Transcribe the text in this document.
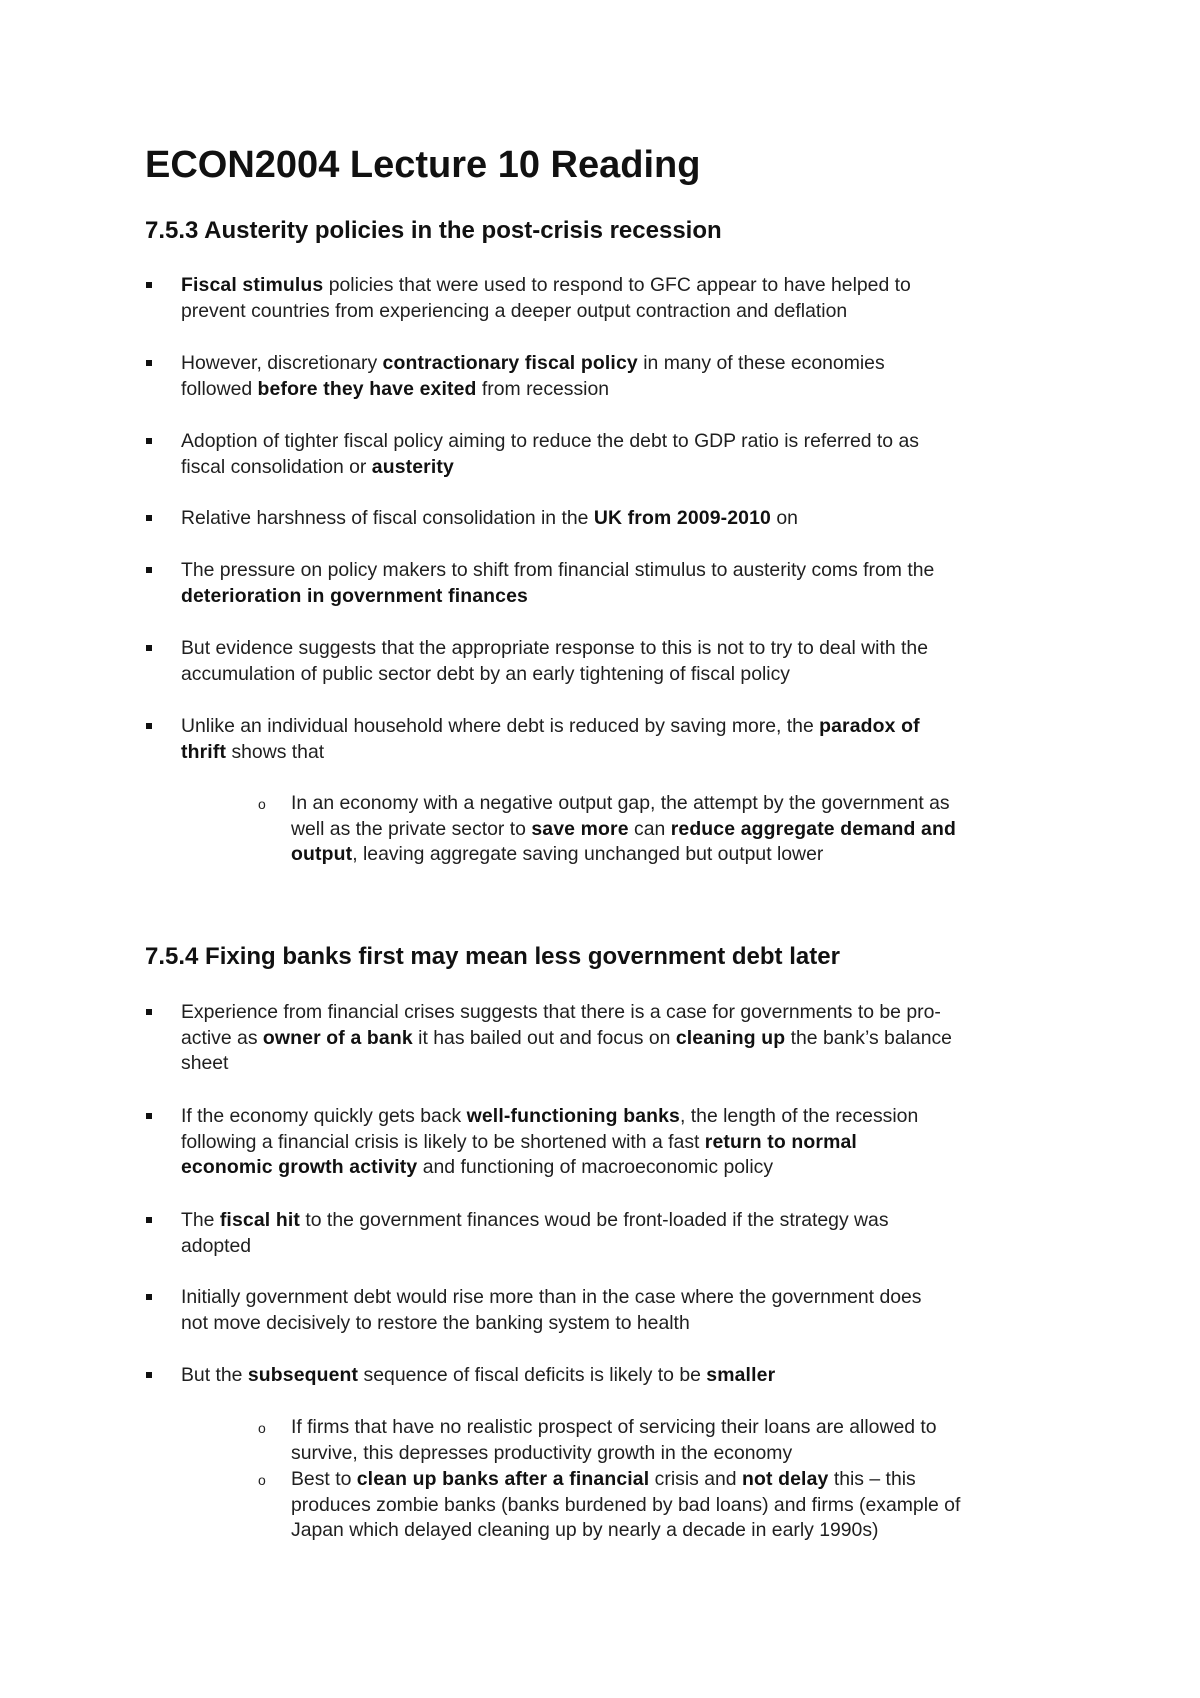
ECON2004 Lecture 10 Reading
7.5.3 Austerity policies in the post-crisis recession
7.5.4 Fixing banks first may mean less government debt later
Fiscal stimulus policies that were used to respond to GFC appear to have helped to
prevent countries from experiencing a deeper output contraction and deflation
However, discretionary contractionary fiscal policy in many of these economies
followed before they have exited from recession
Adoption of tighter fiscal policy aiming to reduce the debt to GDP ratio is referred to as
fiscal consolidation or austerity
Relative harshness of fiscal consolidation in the UK from 2009-2010 on
The pressure on policy makers to shift from financial stimulus to austerity coms from the
deterioration in government finances
But evidence suggests that the appropriate response to this is not to try to deal with the
accumulation of public sector debt by an early tightening of fiscal policy
Unlike an individual household where debt is reduced by saving more, the paradox of
thrift shows that
o In an economy with a negative output gap, the attempt by the government as
well as the private sector to save more can reduce aggregate demand and
output, leaving aggregate saving unchanged but output lower
Experience from financial crises suggests that there is a case for governments to be pro-
active as owner of a bank it has bailed out and focus on cleaning up the bank’s balance
sheet
If the economy quickly gets back well-functioning banks, the length of the recession
following a financial crisis is likely to be shortened with a fast return to normal
economic growth activity and functioning of macroeconomic policy
The fiscal hit to the government finances woud be front-loaded if the strategy was
adopted
Initially government debt would rise more than in the case where the government does
not move decisively to restore the banking system to health
But the subsequent sequence of fiscal deficits is likely to be smaller
o If firms that have no realistic prospect of servicing their loans are allowed to
survive, this depresses productivity growth in the economy
o Best to clean up banks after a financial crisis and not delay this – this
produces zombie banks (banks burdened by bad loans) and firms (example of
Japan which delayed cleaning up by nearly a decade in early 1990s)
